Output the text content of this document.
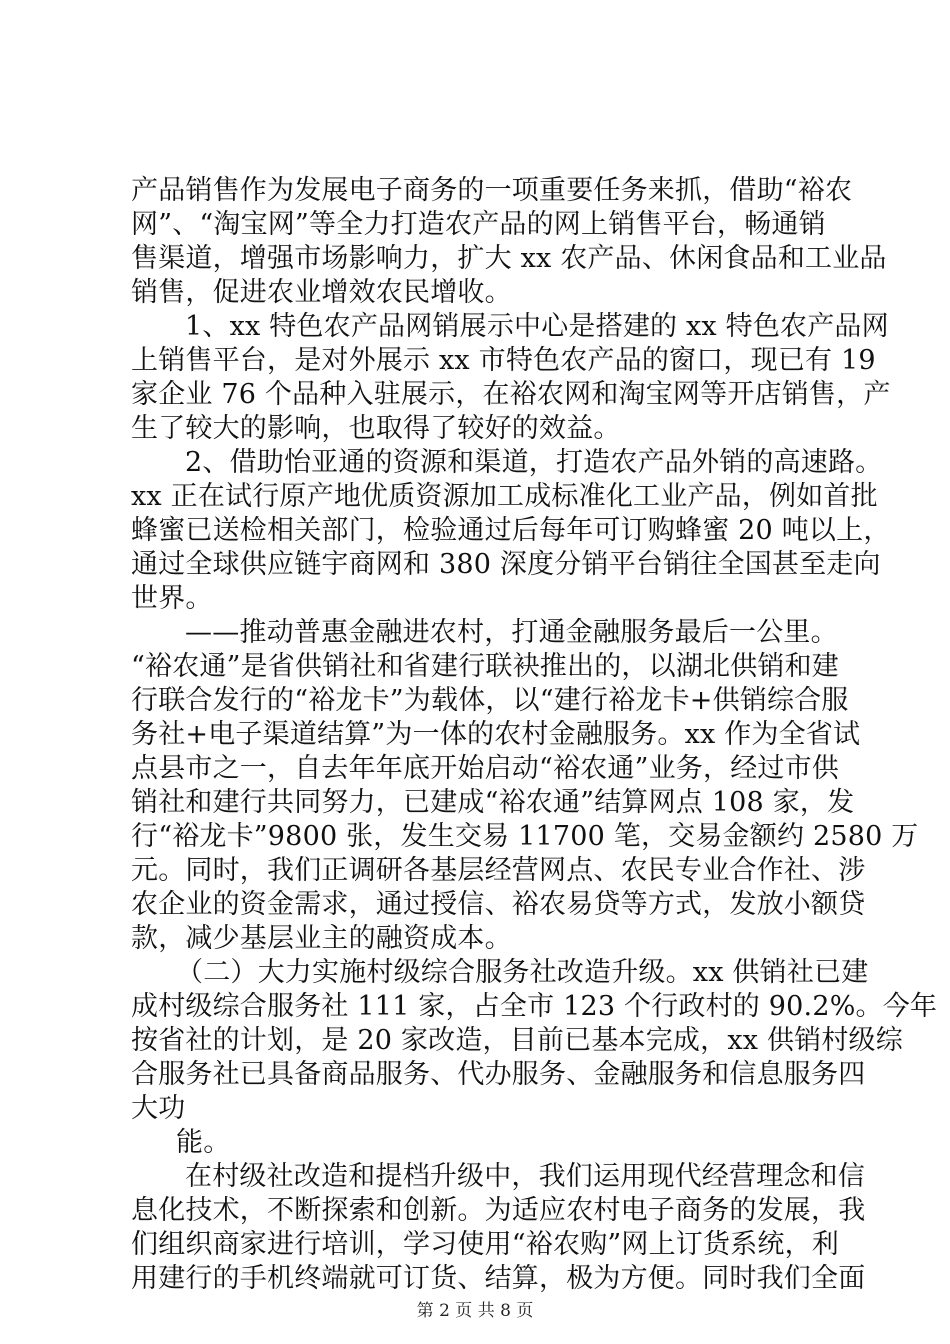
产品销售作为发展电子商务的一项重要任务来抓，借助“裕农
网”、“淘宝网”等全力打造农产品的网上销售平台，畅通销
售渠道，增强市场影响力，扩大 xx 农产品、休闲食品和工业品
销售，促进农业增效农民增收。
1、xx 特色农产品网销展示中心是搭建的 xx 特色农产品网
上销售平台，是对外展示 xx 市特色农产品的窗口，现已有 19
家企业 76 个品种入驻展示，在裕农网和淘宝网等开店销售，产
生了较大的影响，也取得了较好的效益。
2、借助怡亚通的资源和渠道，打造农产品外销的高速路。
xx 正在试行原产地优质资源加工成标准化工业产品，例如首批
蜂蜜已送检相关部门，检验通过后每年可订购蜂蜜 20 吨以上，
通过全球供应链宇商网和 380 深度分销平台销往全国甚至走向
世界。
——推动普惠金融进农村，打通金融服务最后一公里。
“裕农通”是省供销社和省建行联袂推出的，以湖北供销和建
行联合发行的“裕龙卡”为载体，以“建行裕龙卡+供销综合服
务社+电子渠道结算”为一体的农村金融服务。xx 作为全省试
点县市之一，自去年年底开始启动“裕农通”业务，经过市供
销社和建行共同努力，已建成“裕农通”结算网点 108 家，发
行“裕龙卡”9800 张，发生交易 11700 笔，交易金额约 2580 万
元。同时，我们正调研各基层经营网点、农民专业合作社、涉
农企业的资金需求，通过授信、裕农易贷等方式，发放小额贷
款，减少基层业主的融资成本。
（二）大力实施村级综合服务社改造升级。xx 供销社已建
成村级综合服务社 111 家，占全市 123 个行政村的 90.2%。今年
按省社的计划，是 20 家改造，目前已基本完成，xx 供销村级综
合服务社已具备商品服务、代办服务、金融服务和信息服务四
大功
能。
在村级社改造和提档升级中，我们运用现代经营理念和信
息化技术，不断探索和创新。为适应农村电子商务的发展，我
们组织商家进行培训，学习使用“裕农购”网上订货系统，利
用建行的手机终端就可订货、结算，极为方便。同时我们全面
第 2 页 共 8 页
